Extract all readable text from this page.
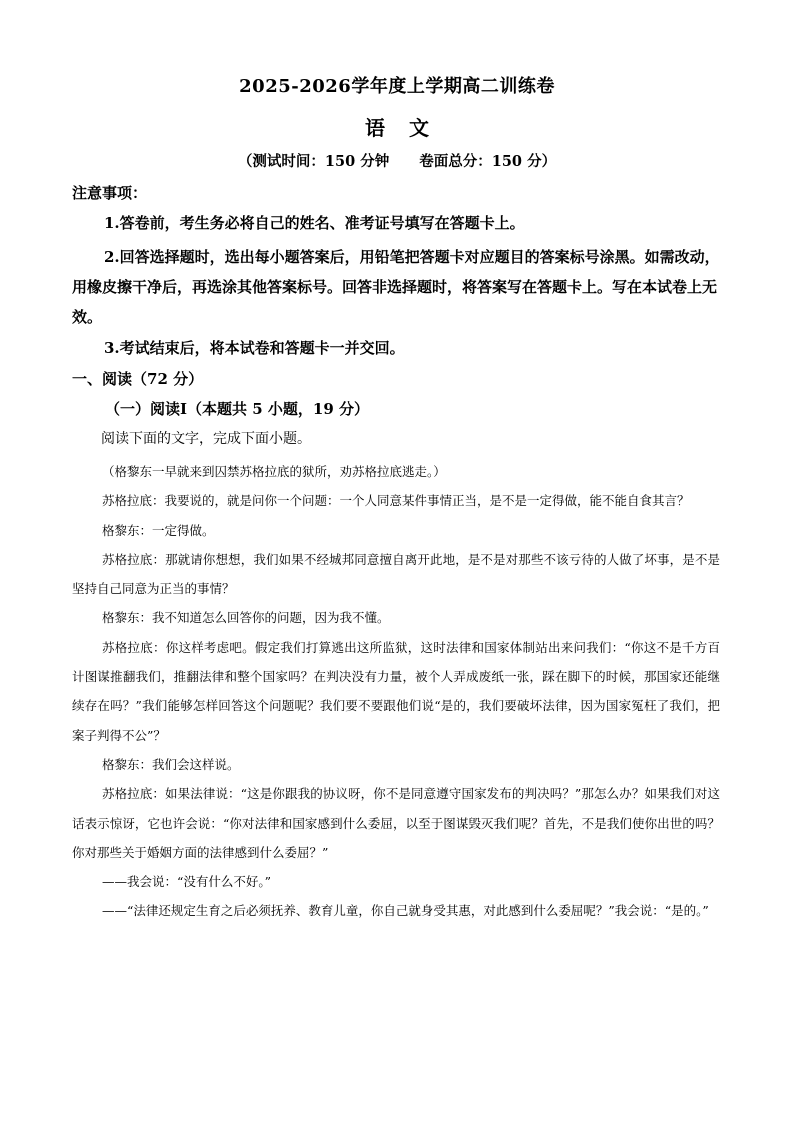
2025-2026学年度上学期高二训练卷
语 文
（测试时间：150 分钟 卷面总分：150 分）
注意事项：
1.答卷前，考生务必将自己的姓名、准考证号填写在答题卡上。
2.回答选择题时，选出每小题答案后，用铅笔把答题卡对应题目的答案标号涂黑。如需改动，用橡皮擦干净后，再选涂其他答案标号。回答非选择题时，将答案写在答题卡上。写在本试卷上无效。
3.考试结束后，将本试卷和答题卡一并交回。
一、阅读（72 分）
（一）阅读Ⅰ（本题共 5 小题，19 分）
阅读下面的文字，完成下面小题。

（格黎东一早就来到囚禁苏格拉底的狱所，劝苏格拉底逃走。）

苏格拉底：我要说的，就是问你一个问题：一个人同意某件事情正当，是不是一定得做，能不能自食其言？

格黎东：一定得做。

苏格拉底：那就请你想想，我们如果不经城邦同意擅自离开此地，是不是对那些不该亏待的人做了坏事，是不是坚持自己同意为正当的事情？

格黎东：我不知道怎么回答你的问题，因为我不懂。

苏格拉底：你这样考虑吧。假定我们打算逃出这所监狱，这时法律和国家体制站出来问我们：“你这不是千方百计图谋推翻我们，推翻法律和整个国家吗？在判决没有力量，被个人弄成废纸一张，踩在脚下的时候，那国家还能继续存在吗？”我们能够怎样回答这个问题呢？我们要不要跟他们说“是的，我们要破坏法律，因为国家冤枉了我们，把案子判得不公”？

格黎东：我们会这样说。

苏格拉底：如果法律说：“这是你跟我的协议呀，你不是同意遵守国家发布的判决吗？”那怎么办？如果我们对这话表示惊讶，它也许会说：“你对法律和国家感到什么委屈，以至于图谋毁灭我们呢？首先，不是我们使你出世的吗？你对那些关于婚姻方面的法律感到什么委屈？”

——我会说：“没有什么不好。”

——“法律还规定生育之后必须抚养、教育儿童，你自己就身受其惠，对此感到什么委屈呢？”我会说：“是的。”
